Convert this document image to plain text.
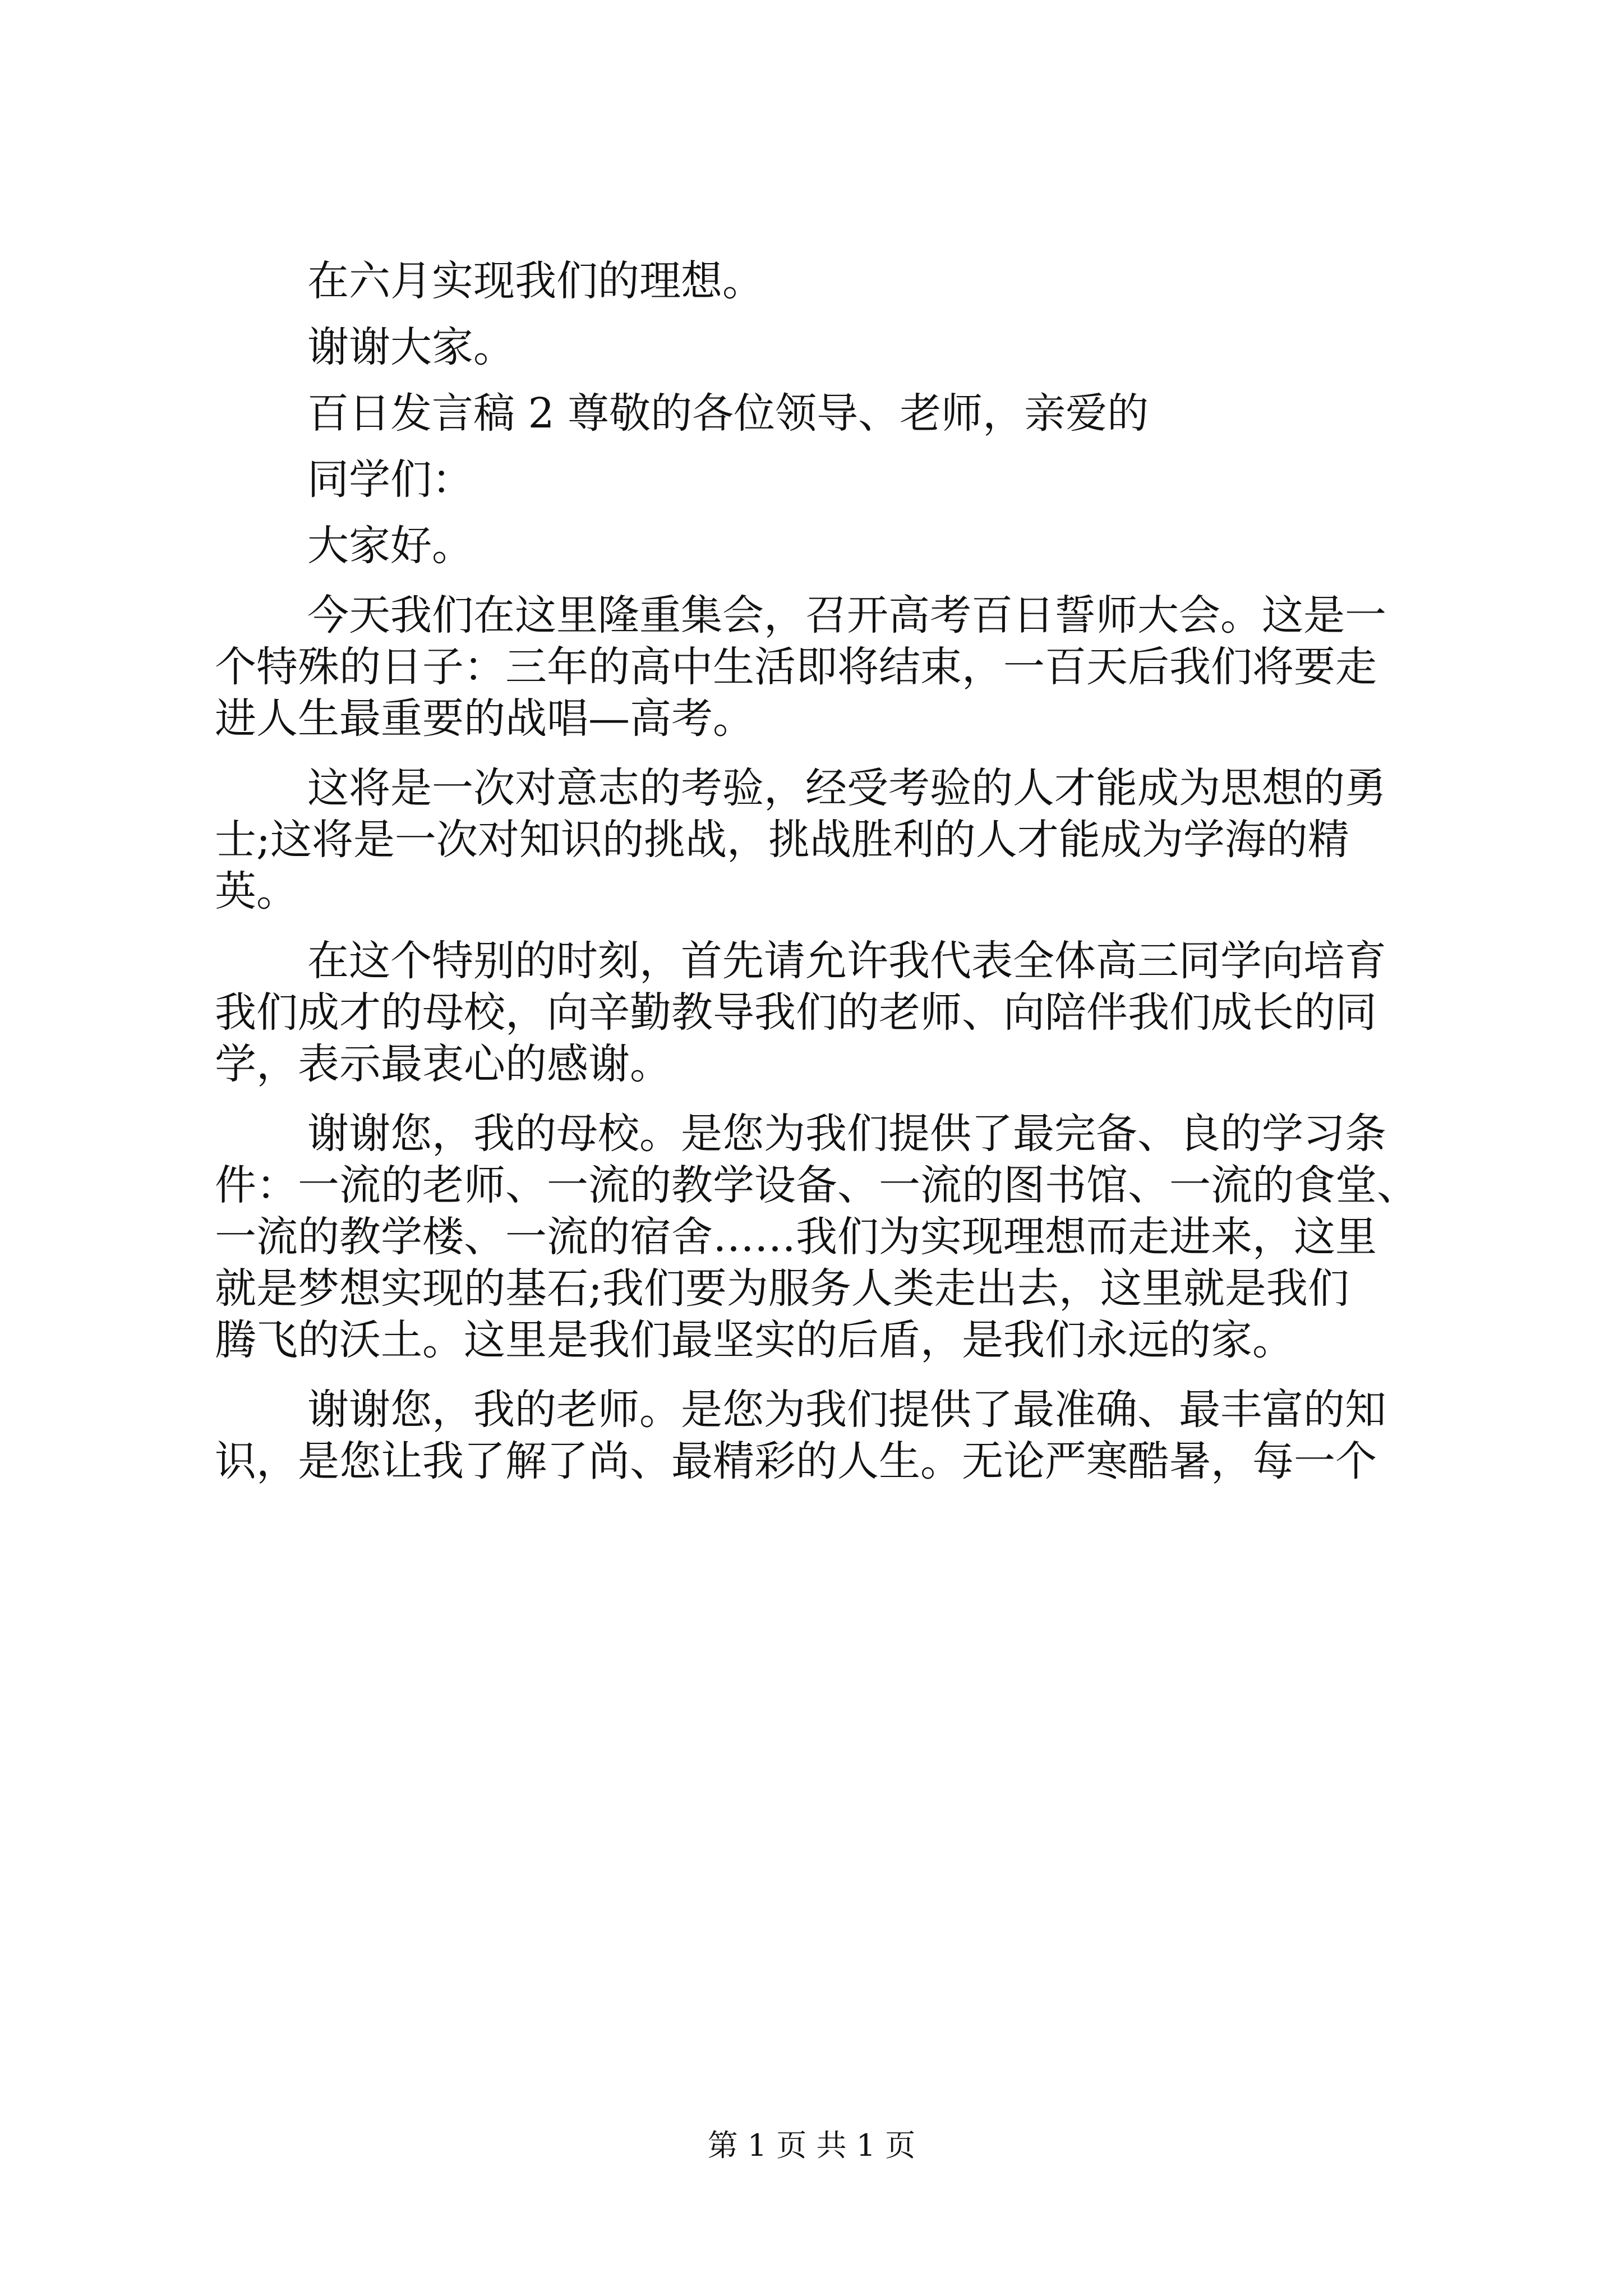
在六月实现我们的理想。

谢谢大家。

百日发言稿 2 尊敬的各位领导、老师，亲爱的

同学们：

大家好。

今天我们在这里隆重集会，召开高考百日誓师大会。这是一

个特殊的日子：三年的高中生活即将结束，一百天后我们将要走

进人生最重要的战唱—高考。

这将是一次对意志的考验，经受考验的人才能成为思想的勇

士;这将是一次对知识的挑战，挑战胜利的人才能成为学海的精

英。

在这个特别的时刻，首先请允许我代表全体高三同学向培育

我们成才的母校，向辛勤教导我们的老师、向陪伴我们成长的同

学，表示最衷心的感谢。

谢谢您，我的母校。是您为我们提供了最完备、良的学习条

件：一流的老师、一流的教学设备、一流的图书馆、一流的食堂、

一流的教学楼、一流的宿舍……我们为实现理想而走进来，这里

就是梦想实现的基石;我们要为服务人类走出去，这里就是我们

腾飞的沃土。这里是我们最坚实的后盾，是我们永远的家。

谢谢您，我的老师。是您为我们提供了最准确、最丰富的知

识，是您让我了解了尚、最精彩的人生。无论严寒酷暑，每一个

第 1 页 共 1 页
